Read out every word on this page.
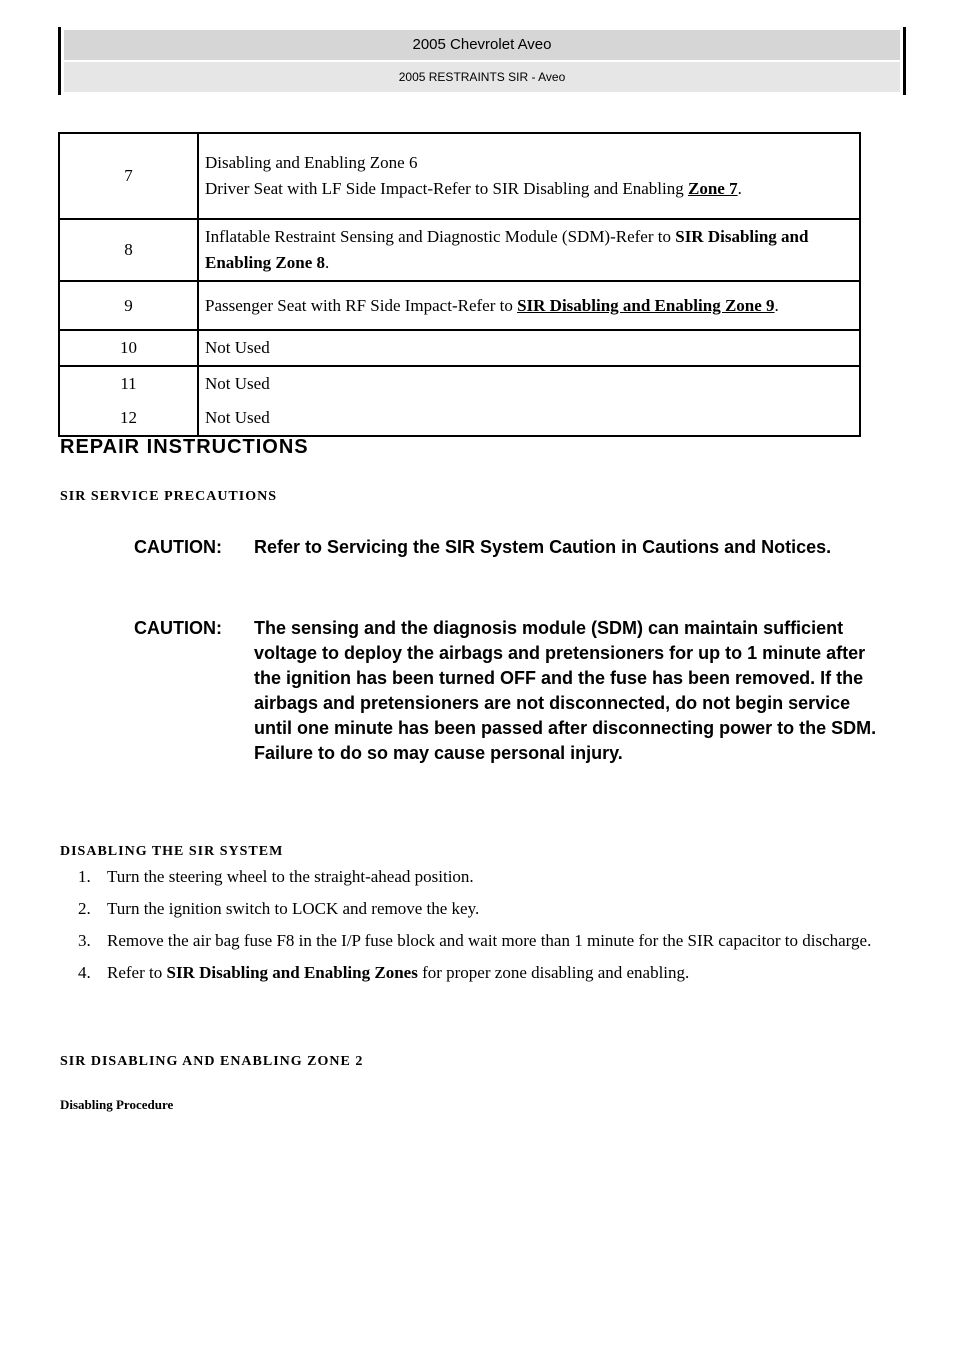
2005 Chevrolet Aveo
2005 RESTRAINTS SIR - Aveo
7	Disabling and Enabling Zone 6

Driver Seat with LF Side Impact-Refer to SIR Disabling and Enabling Zone 7.

8	Inflatable Restraint Sensing and Diagnostic Module (SDM)-Refer to SIR Disabling and Enabling Zone 8.

9	Passenger Seat with RF Side Impact-Refer to SIR Disabling and Enabling Zone 9.

10	Not Used
11	Not Used
12	Not Used
REPAIR INSTRUCTIONS
SIR SERVICE PRECAUTIONS
CAUTION:	Refer to Servicing the SIR System Caution in Cautions and Notices.
CAUTION:	The sensing and the diagnosis module (SDM) can maintain sufficient voltage to deploy the airbags and pretensioners for up to 1 minute after the ignition has been turned OFF and the fuse has been removed. If the airbags and pretensioners are not disconnected, do not begin service until one minute has been passed after disconnecting power to the SDM. Failure to do so may cause personal injury.
DISABLING THE SIR SYSTEM
1. Turn the steering wheel to the straight-ahead position.
2. Turn the ignition switch to LOCK and remove the key.
3. Remove the air bag fuse F8 in the I/P fuse block and wait more than 1 minute for the SIR capacitor to discharge.
4. Refer to SIR Disabling and Enabling Zones for proper zone disabling and enabling.
SIR DISABLING AND ENABLING ZONE 2

Disabling Procedure
